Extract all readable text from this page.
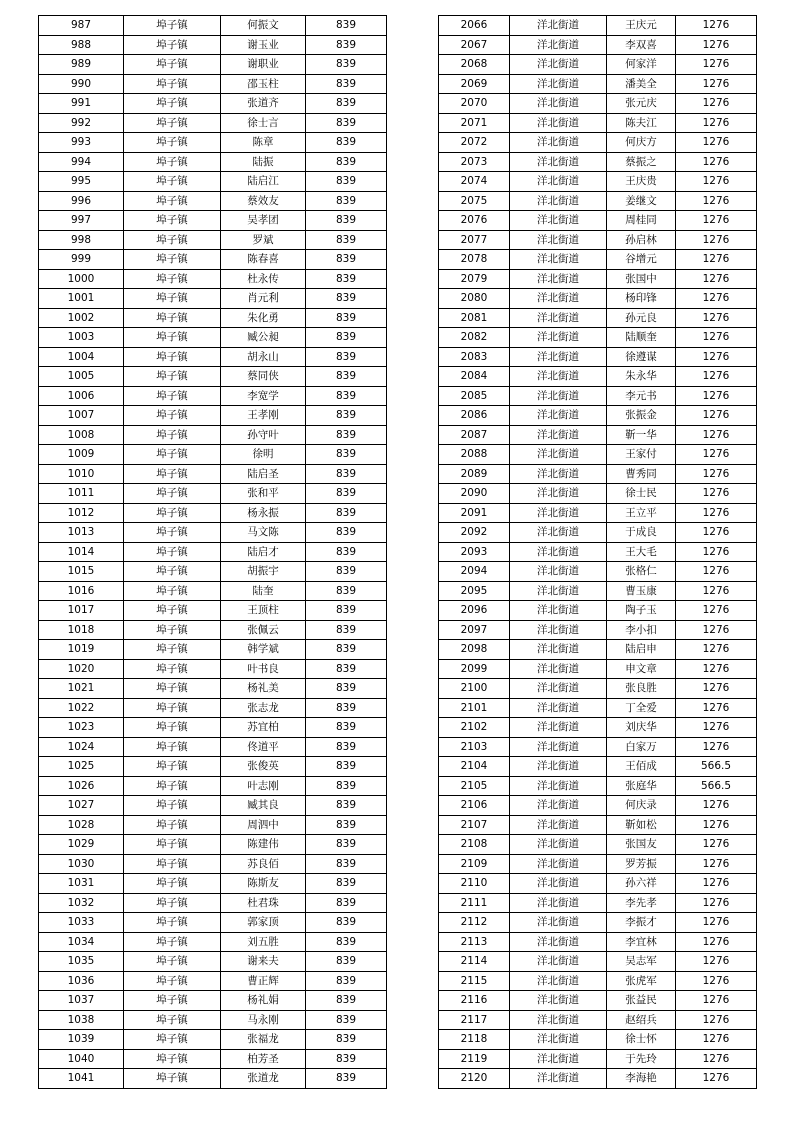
987	埠子镇	何振文	839
988	埠子镇	谢玉业	839
989	埠子镇	谢职业	839
990	埠子镇	邵玉柱	839
991	埠子镇	张道齐	839
992	埠子镇	徐士言	839
993	埠子镇	陈章	839
994	埠子镇	陆振	839
995	埠子镇	陆启江	839
996	埠子镇	蔡效友	839
997	埠子镇	吴孝团	839
998	埠子镇	罗斌	839
999	埠子镇	陈春喜	839
1000	埠子镇	杜永传	839
1001	埠子镇	肖元利	839
1002	埠子镇	朱化勇	839
1003	埠子镇	臧公昶	839
1004	埠子镇	胡永山	839
1005	埠子镇	蔡同侠	839
1006	埠子镇	李宽学	839
1007	埠子镇	王孝刚	839
1008	埠子镇	孙守叶	839
1009	埠子镇	徐明	839
1010	埠子镇	陆启圣	839
1011	埠子镇	张和平	839
1012	埠子镇	杨永振	839
1013	埠子镇	马文陈	839
1014	埠子镇	陆启才	839
1015	埠子镇	胡振宇	839
1016	埠子镇	陆奎	839
1017	埠子镇	王顶柱	839
1018	埠子镇	张佩云	839
1019	埠子镇	韩学斌	839
1020	埠子镇	叶书良	839
1021	埠子镇	杨礼美	839
1022	埠子镇	张志龙	839
1023	埠子镇	苏宜柏	839
1024	埠子镇	佟道平	839
1025	埠子镇	张俊英	839
1026	埠子镇	叶志刚	839
1027	埠子镇	臧其良	839
1028	埠子镇	周泗中	839
1029	埠子镇	陈建伟	839
1030	埠子镇	苏良佰	839
1031	埠子镇	陈斯友	839
1032	埠子镇	杜君珠	839
1033	埠子镇	郭家顶	839
1034	埠子镇	刘五胜	839
1035	埠子镇	谢来夫	839
1036	埠子镇	曹正辉	839
1037	埠子镇	杨礼娟	839
1038	埠子镇	马永刚	839
1039	埠子镇	张福龙	839
1040	埠子镇	柏芳圣	839
1041	埠子镇	张道龙	839
2066	洋北街道	王庆元	1276
2067	洋北街道	李双喜	1276
2068	洋北街道	何家洋	1276
2069	洋北街道	潘美全	1276
2070	洋北街道	张元庆	1276
2071	洋北街道	陈夫江	1276
2072	洋北街道	何庆方	1276
2073	洋北街道	蔡振之	1276
2074	洋北街道	王庆贵	1276
2075	洋北街道	姜继文	1276
2076	洋北街道	周桂同	1276
2077	洋北街道	孙启林	1276
2078	洋北街道	谷增元	1276
2079	洋北街道	张国中	1276
2080	洋北街道	杨印锋	1276
2081	洋北街道	孙元良	1276
2082	洋北街道	陆顺奎	1276
2083	洋北街道	徐遵谋	1276
2084	洋北街道	朱永华	1276
2085	洋北街道	李元书	1276
2086	洋北街道	张振金	1276
2087	洋北街道	靳一华	1276
2088	洋北街道	王家付	1276
2089	洋北街道	曹秀同	1276
2090	洋北街道	徐士民	1276
2091	洋北街道	王立平	1276
2092	洋北街道	于成良	1276
2093	洋北街道	王大毛	1276
2094	洋北街道	张格仁	1276
2095	洋北街道	曹玉康	1276
2096	洋北街道	陶子玉	1276
2097	洋北街道	李小扣	1276
2098	洋北街道	陆启申	1276
2099	洋北街道	申文章	1276
2100	洋北街道	张良胜	1276
2101	洋北街道	丁全爱	1276
2102	洋北街道	刘庆华	1276
2103	洋北街道	白家万	1276
2104	洋北街道	王佰成	566.5
2105	洋北街道	张庭华	566.5
2106	洋北街道	何庆录	1276
2107	洋北街道	靳如松	1276
2108	洋北街道	张国友	1276
2109	洋北街道	罗芳振	1276
2110	洋北街道	孙六祥	1276
2111	洋北街道	李先孝	1276
2112	洋北街道	李振才	1276
2113	洋北街道	李宜林	1276
2114	洋北街道	吴志军	1276
2115	洋北街道	张虎军	1276
2116	洋北街道	张益民	1276
2117	洋北街道	赵绍兵	1276
2118	洋北街道	徐士怀	1276
2119	洋北街道	于先玲	1276
2120	洋北街道	李海艳	1276
